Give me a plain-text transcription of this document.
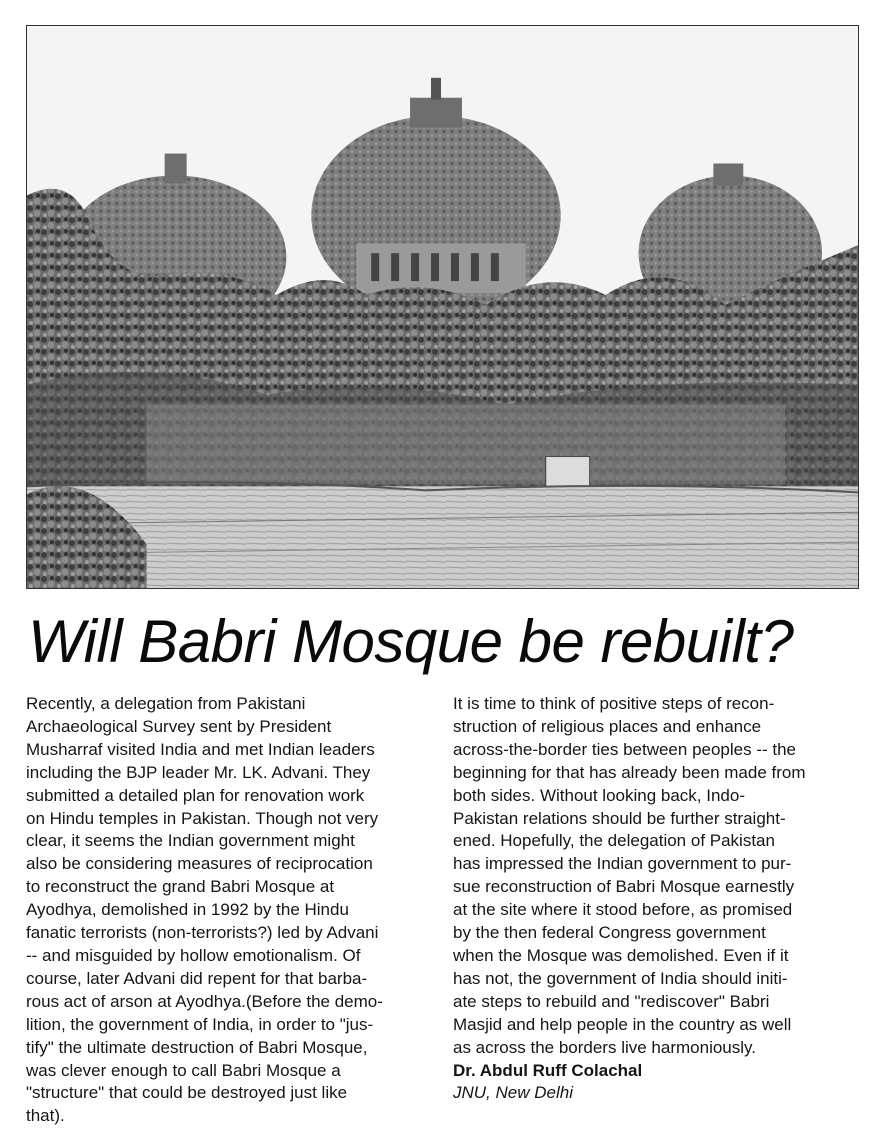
Will Babri Mosque be rebuilt?

Recently, a delegation from Pakistani
Archaeological Survey sent by President
Musharraf visited India and met Indian leaders
including the BJP leader Mr. LK. Advani. They
submitted a detailed plan for renovation work
on Hindu temples in Pakistan. Though not very
clear, it seems the Indian government might
also be considering measures of reciprocation
to reconstruct the grand Babri Mosque at
Ayodhya, demolished in 1992 by the Hindu
fanatic terrorists (non-terrorists?) led by Advani
-- and misguided by hollow emotionalism. Of
course, later Advani did repent for that barba-
rous act of arson at Ayodhya.(Before the demo-
lition, the government of India, in order to "jus-
tify" the ultimate destruction of Babri Mosque,
was clever enough to call Babri Mosque a
"structure" that could be destroyed just like
that).

It is time to think of positive steps of recon-
struction of religious places and enhance
across-the-border ties between peoples -- the
beginning for that has already been made from
both sides. Without looking back, Indo-
Pakistan relations should be further straight-
ened. Hopefully, the delegation of Pakistan
has impressed the Indian government to pur-
sue reconstruction of Babri Mosque earnestly
at the site where it stood before, as promised
by the then federal Congress government
when the Mosque was demolished. Even if it
has not, the government of India should initi-
ate steps to rebuild and "rediscover" Babri
Masjid and help people in the country as well
as across the borders live harmoniously.

Dr. Abdul Ruff Colachal

JNU, New Delhi
